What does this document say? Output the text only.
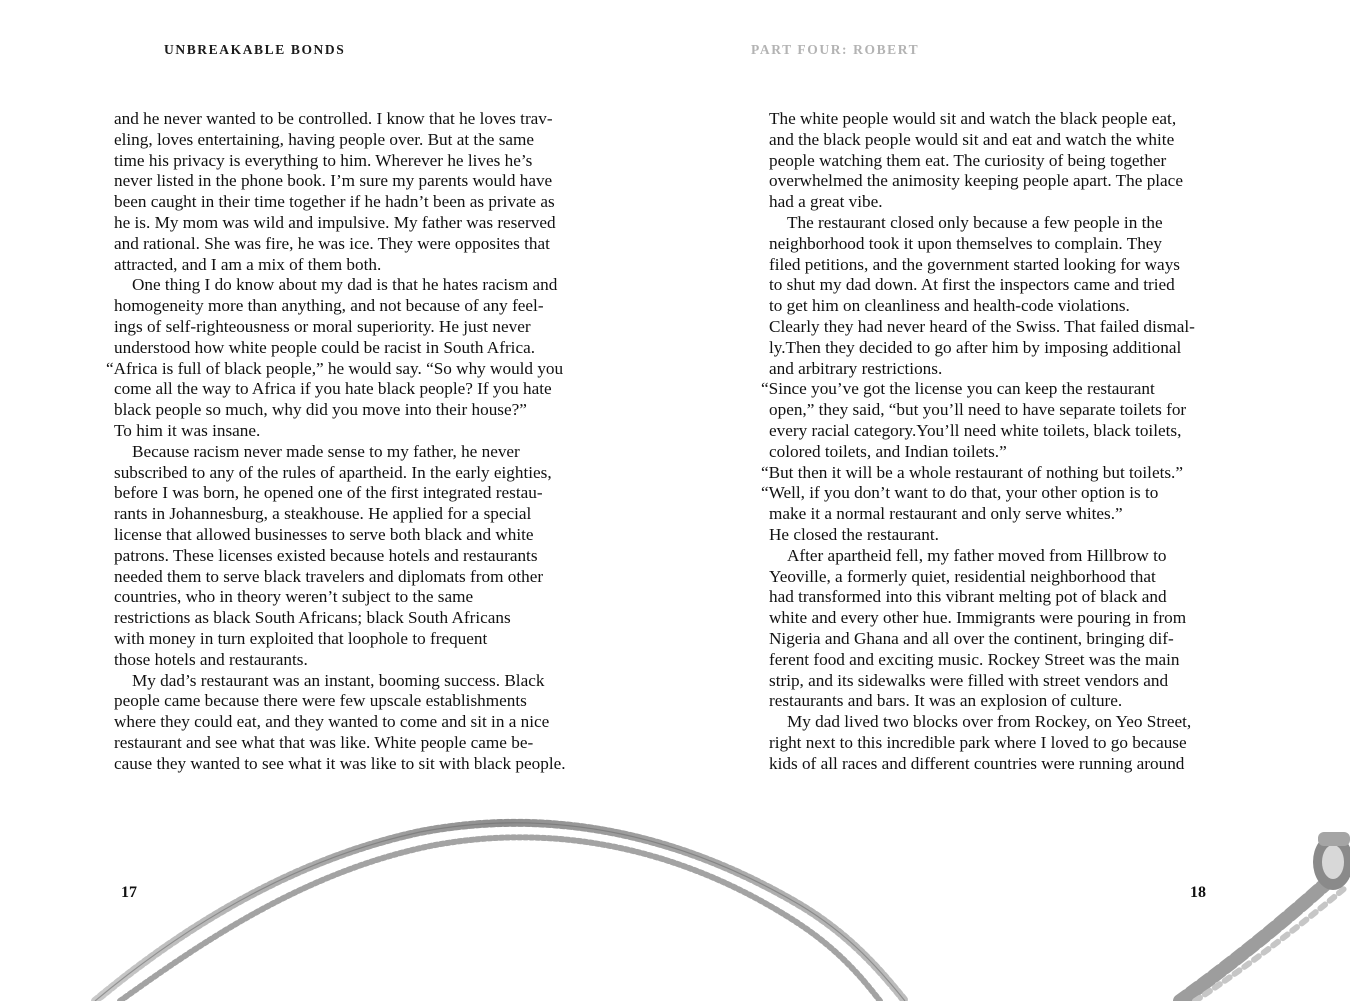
UNBREAKABLE BONDS	PART FOUR: ROBERT
and he never wanted to be controlled. I know that he loves trav-
eling, loves entertaining, having people over. But at the same
time his privacy is everything to him. Wherever he lives he’s
never listed in the phone book. I’m sure my parents would have
been caught in their time together if he hadn’t been as private as
he is. My mom was wild and impulsive. My father was reserved
and rational. She was fire, he was ice. They were opposites that
attracted, and I am a mix of them both.
One thing I do know about my dad is that he hates racism and
homogeneity more than anything, and not because of any feel-
ings of self-righteousness or moral superiority. He just never
understood how white people could be racist in South Africa.
“Africa is full of black people,” he would say. “So why would you
come all the way to Africa if you hate black people? If you hate
black people so much, why did you move into their house?”
To him it was insane.
Because racism never made sense to my father, he never
subscribed to any of the rules of apartheid. In the early eighties,
before I was born, he opened one of the first integrated restau-
rants in Johannesburg, a steakhouse. He applied for a special
license that allowed businesses to serve both black and white
patrons. These licenses existed because hotels and restaurants
needed them to serve black travelers and diplomats from other
countries, who in theory weren’t subject to the same
restrictions as black South Africans; black South Africans
with money in turn exploited that loophole to frequent
those hotels and restaurants.
My dad’s restaurant was an instant, booming success. Black
people came because there were few upscale establishments
where they could eat, and they wanted to come and sit in a nice
restaurant and see what that was like. White people came be-
cause they wanted to see what it was like to sit with black people.
The white people would sit and watch the black people eat,
and the black people would sit and eat and watch the white
people watching them eat. The curiosity of being together
overwhelmed the animosity keeping people apart. The place
had a great vibe.
The restaurant closed only because a few people in the
neighborhood took it upon themselves to complain. They
filed petitions, and the government started looking for ways
to shut my dad down. At first the inspectors came and tried
to get him on cleanliness and health-code violations.
Clearly they had never heard of the Swiss. That failed dismal-
ly.Then they decided to go after him by imposing additional
and arbitrary restrictions.
“Since you’ve got the license you can keep the restaurant
open,” they said, “but you’ll need to have separate toilets for
every racial category.You’ll need white toilets, black toilets,
colored toilets, and Indian toilets.”
“But then it will be a whole restaurant of nothing but toilets.”
“Well, if you don’t want to do that, your other option is to
make it a normal restaurant and only serve whites.”
He closed the restaurant.
After apartheid fell, my father moved from Hillbrow to
Yeoville, a formerly quiet, residential neighborhood that
had transformed into this vibrant melting pot of black and
white and every other hue. Immigrants were pouring in from
Nigeria and Ghana and all over the continent, bringing dif-
ferent food and exciting music. Rockey Street was the main
strip, and its sidewalks were filled with street vendors and
restaurants and bars. It was an explosion of culture.
My dad lived two blocks over from Rockey, on Yeo Street,
right next to this incredible park where I loved to go because
kids of all races and different countries were running around
17	18
